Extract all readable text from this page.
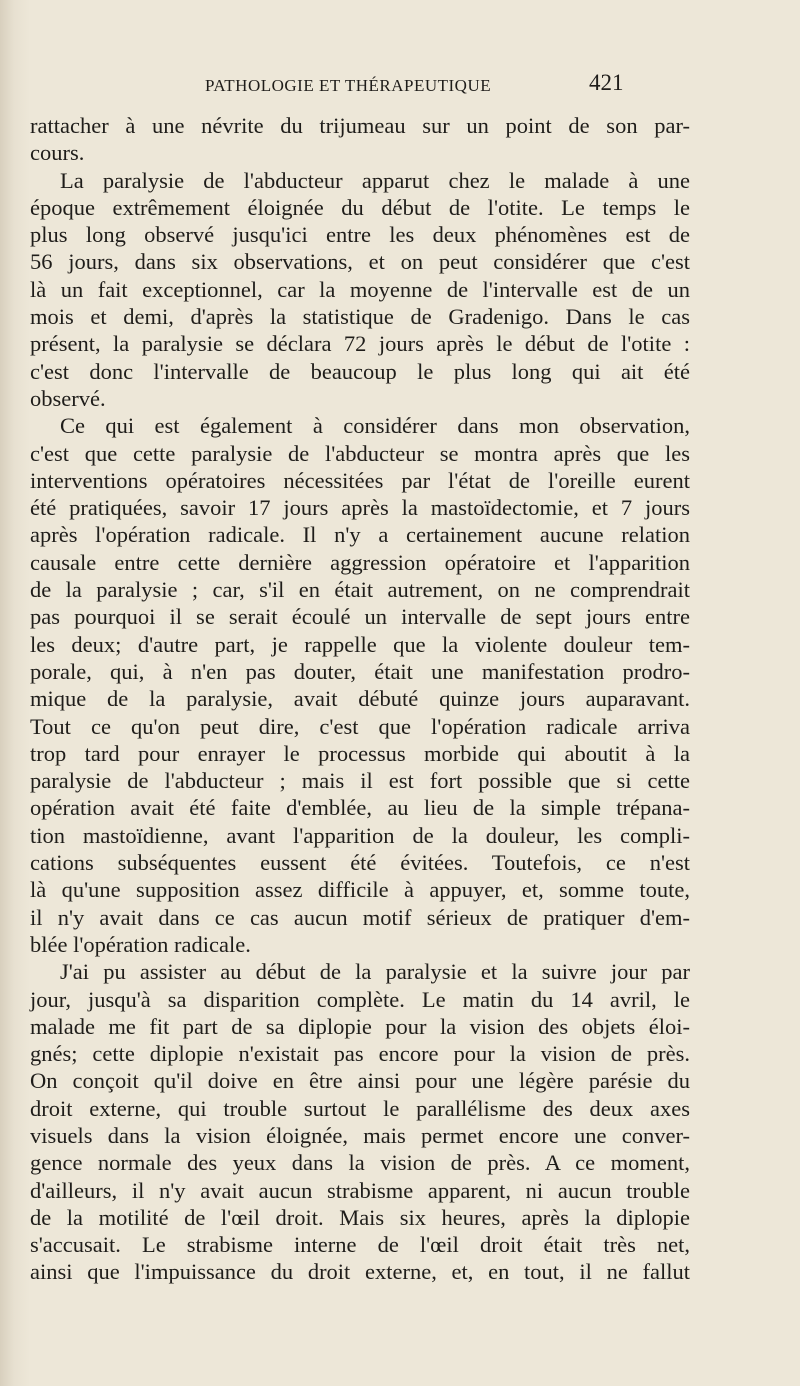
PATHOLOGIE ET THÉRAPEUTIQUE	421
rattacher à une névrite du trijumeau sur un point de son par-
cours.
La paralysie de l'abducteur apparut chez le malade à une
époque extrêmement éloignée du début de l'otite. Le temps le
plus long observé jusqu'ici entre les deux phénomènes est de
56 jours, dans six observations, et on peut considérer que c'est
là un fait exceptionnel, car la moyenne de l'intervalle est de un
mois et demi, d'après la statistique de Gradenigo. Dans le cas
présent, la paralysie se déclara 72 jours après le début de l'otite :
c'est donc l'intervalle de beaucoup le plus long qui ait été
observé.
Ce qui est également à considérer dans mon observation,
c'est que cette paralysie de l'abducteur se montra après que les
interventions opératoires nécessitées par l'état de l'oreille eurent
été pratiquées, savoir 17 jours après la mastoïdectomie, et 7 jours
après l'opération radicale. Il n'y a certainement aucune relation
causale entre cette dernière aggression opératoire et l'apparition
de la paralysie ; car, s'il en était autrement, on ne comprendrait
pas pourquoi il se serait écoulé un intervalle de sept jours entre
les deux; d'autre part, je rappelle que la violente douleur tem-
porale, qui, à n'en pas douter, était une manifestation prodro-
mique de la paralysie, avait débuté quinze jours auparavant.
Tout ce qu'on peut dire, c'est que l'opération radicale arriva
trop tard pour enrayer le processus morbide qui aboutit à la
paralysie de l'abducteur ; mais il est fort possible que si cette
opération avait été faite d'emblée, au lieu de la simple trépana-
tion mastoïdienne, avant l'apparition de la douleur, les compli-
cations subséquentes eussent été évitées. Toutefois, ce n'est
là qu'une supposition assez difficile à appuyer, et, somme toute,
il n'y avait dans ce cas aucun motif sérieux de pratiquer d'em-
blée l'opération radicale.
J'ai pu assister au début de la paralysie et la suivre jour par
jour, jusqu'à sa disparition complète. Le matin du 14 avril, le
malade me fit part de sa diplopie pour la vision des objets éloi-
gnés; cette diplopie n'existait pas encore pour la vision de près.
On conçoit qu'il doive en être ainsi pour une légère parésie du
droit externe, qui trouble surtout le parallélisme des deux axes
visuels dans la vision éloignée, mais permet encore une conver-
gence normale des yeux dans la vision de près. A ce moment,
d'ailleurs, il n'y avait aucun strabisme apparent, ni aucun trouble
de la motilité de l'œil droit. Mais six heures, après la diplopie
s'accusait. Le strabisme interne de l'œil droit était très net,
ainsi que l'impuissance du droit externe, et, en tout, il ne fallut
